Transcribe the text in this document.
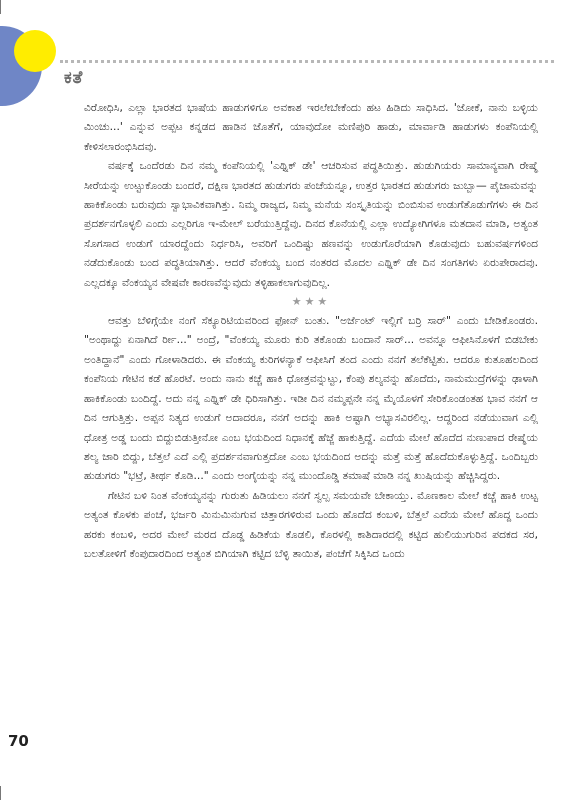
ಕತೆ

ವಿರೋಧಿಸಿ, ಎಲ್ಲಾ ಭಾರತದ ಭಾಷೆಯ ಹಾಡುಗಳಿಗೂ ಅವಕಾಶ ಇರಲೇಬೇಕೆಂದು ಹಟ ಹಿಡಿದು ಸಾಧಿಸಿದ. 'ಜೋಕೆ, ನಾನು ಬಳ್ಳಿಯ ಮಿಂಚು...' ಎನ್ನುವ ಅಪ್ಪಟ ಕನ್ನಡದ ಹಾಡಿನ ಜೊತೆಗೆ, ಯಾವುದೋ ಮಣಿಪುರಿ ಹಾಡು, ಮಾರ್ವಾಡಿ ಹಾಡುಗಳು ಕಂಪೆನಿಯಲ್ಲಿ ಕೇಳಿಸಲಾರಂಭಿಸಿದವು.

ವರ್ಷಕ್ಕೆ ಒಂದೆರಡು ದಿನ ನಮ್ಮ ಕಂಪೆನಿಯಲ್ಲಿ 'ಎಥ್ನಿಕ್ ಡೇ' ಆಚರಿಸುವ ಪದ್ಧತಿಯಿತ್ತು. ಹುಡುಗಿಯರು ಸಾಮಾನ್ಯವಾಗಿ ರೇಷ್ಮೆ ಸೀರೆಯನ್ನು ಉಟ್ಟುಕೊಂಡು ಬಂದರೆ, ದಕ್ಷಿಣ ಭಾರತದ ಹುಡುಗರು ಪಂಚೆಯನ್ನೂ, ಉತ್ತರ ಭಾರತದ ಹುಡುಗರು ಜುಬ್ಬಾ— ಪೈಜಾಮವನ್ನು ಹಾಕಿಕೊಂಡು ಬರುವುದು ಸ್ವಾಭಾವಿಕವಾಗಿತ್ತು. ನಿಮ್ಮ ರಾಜ್ಯದ, ನಿಮ್ಮ ಮನೆಯ ಸಂಸ್ಕೃತಿಯನ್ನು ಬಿಂಬಿಸುವ ಉಡುಗೆತೊಡುಗೆಗಳು ಈ ದಿನ ಪ್ರದರ್ಶನಗೊಳ್ಳಲಿ ಎಂದು ಎಲ್ಲರಿಗೂ ಇ-ಮೇಲ್ ಬರೆಯುತ್ತಿದ್ದೆವು. ದಿನದ ಕೊನೆಯಲ್ಲಿ ಎಲ್ಲಾ ಉದ್ಯೋಗಿಗಳೂ ಮತದಾನ ಮಾಡಿ, ಅತ್ಯಂತ ಸೊಗಸಾದ ಉಡುಗೆ ಯಾರದ್ದೆಂದು ನಿರ್ಧರಿಸಿ, ಅವರಿಗೆ ಒಂದಿಷ್ಟು ಹಣವನ್ನು ಉಡುಗೊರೆಯಾಗಿ ಕೊಡುವುದು ಬಹುವರ್ಷಗಳಿಂದ ನಡೆದುಕೊಂಡು ಬಂದ ಪದ್ಧತಿಯಾಗಿತ್ತು. ಆದರೆ ವೆಂಕಯ್ಯ ಬಂದ ನಂತರದ ಮೊದಲ ಎಥ್ನಿಕ್ ಡೇ ದಿನ ಸಂಗತಿಗಳು ಏರುಪೇರಾದವು. ಎಲ್ಲದಕ್ಕೂ ವೆಂಕಯ್ಯನ ವೇಷವೇ ಕಾರಣವೆನ್ನುವುದು ತಳ್ಳಿಹಾಕಲಾಗುವುದಿಲ್ಲ.

★★★

ಆವತ್ತು ಬೆಳಿಗ್ಗೆಯೇ ನಂಗೆ ಸೆಕ್ಯೂರಿಟಿಯವರಿಂದ ಫೋನ್ ಬಂತು. "ಅರ್ಜೆಂಟ್ ಇಲ್ಲಿಗೆ ಬರ್ರಿ ಸಾರ್" ಎಂದು ಬೇಡಿಕೊಂಡರು. "ಅಂಥಾದ್ದು ಏನಾಗಿದೆ ರ್ರೀ..." ಅಂದ್ರೆ, "ವೆಂಕಯ್ಯ ಮೂರು ಕುರಿ ತಕೊಂಡು ಬಂದಾನೆ ಸಾರ್... ಅವನ್ನೂ ಆಫೀಸಿನೊಳಗೆ ಬಿಡಬೇಕು ಅಂತಿದ್ದಾನೆ" ಎಂದು ಗೋಳಾಡಿದರು. ಈ ವೆಂಕಯ್ಯ ಕುರಿಗಳನ್ಯಾಕೆ ಆಫೀಸಿಗೆ ತಂದ ಎಂದು ನನಗೆ ತಲೆಕೆಟ್ಟಿತು. ಆದರೂ ಕುತೂಹಲದಿಂದ ಕಂಪೆನಿಯ ಗೇಟಿನ ಕಡೆ ಹೊರಟೆ. ಅಂದು ನಾನು ಕಚ್ಚೆ ಹಾಕಿ ಧೋತ್ರವನ್ನುಟ್ಟು, ಕೆಂಪು ಶಲ್ಯವನ್ನು ಹೊದೆದು, ನಾಮಮುದ್ರೆಗಳನ್ನು ಢಾಳಾಗಿ ಹಾಕಿಕೊಂಡು ಬಂದಿದ್ದೆ. ಅದು ನನ್ನ ಎಥ್ನಿಕ್ ಡೇ ಧಿರಿಸಾಗಿತ್ತು. ಇಡೀ ದಿನ ನಮ್ಮಪ್ಪನೇ ನನ್ನ ಮೈಯೊಳಗೆ ಸೇರಿಕೊಂಡಂತಹ ಭಾವ ನನಗೆ ಆ ದಿನ ಆಗುತ್ತಿತ್ತು. ಅಪ್ಪನ ನಿತ್ಯದ ಉಡುಗೆ ಅದಾದರೂ, ನನಗೆ ಅದನ್ನು ಹಾಕಿ ಅಷ್ಟಾಗಿ ಅಭ್ಯಾಸವಿರಲಿಲ್ಲ. ಆದ್ದರಿಂದ ನಡೆಯುವಾಗ ಎಲ್ಲಿ ಧೋತ್ರ ಅಡ್ಡ ಬಂದು ಬಿದ್ದುಬಿಡುತ್ತೀನೋ ಎಂಬ ಭಯದಿಂದ ನಿಧಾನಕ್ಕೆ ಹೆಜ್ಜೆ ಹಾಕುತ್ತಿದ್ದೆ. ಎದೆಯ ಮೇಲೆ ಹೊದೆದ ನುಣುಪಾದ ರೇಷ್ಮೆಯ ಶಲ್ಯ ಜಾರಿ ಬಿದ್ದು, ಬೆತ್ತಲೆ ಎದೆ ಎಲ್ಲಿ ಪ್ರದರ್ಶನವಾಗುತ್ತದೋ ಎಂಬ ಭಯದಿಂದ ಅದನ್ನು ಮತ್ತೆ ಮತ್ತೆ ಹೊದೆದುಕೊಳ್ಳುತ್ತಿದ್ದೆ. ಒಂದಿಬ್ಬರು ಹುಡುಗರು "ಭಟ್ರೆ, ತೀರ್ಥ ಕೊಡಿ..." ಎಂದು ಅಂಗೈಯನ್ನು ನನ್ನ ಮುಂದೊಡ್ಡಿ ತಮಾಷೆ ಮಾಡಿ ನನ್ನ ಖುಷಿಯನ್ನು ಹೆಚ್ಚಿಸಿದ್ದರು.

ಗೇಟಿನ ಬಳಿ ನಿಂತ ವೆಂಕಯ್ಯನನ್ನು ಗುರುತು ಹಿಡಿಯಲು ನನಗೆ ಸ್ವಲ್ಪ ಸಮಯವೇ ಬೇಕಾಯ್ತು. ಮೊಣಕಾಲ ಮೇಲೆ ಕಚ್ಚೆ ಹಾಕಿ ಉಟ್ಟ ಅತ್ಯಂತ ಕೊಳಕು ಪಂಚೆ, ಭರ್ಜರಿ ಮಿನುಮಿನುಗುವ ಚಿತ್ತಾರಗಳಿರುವ ಒಂದು ಹೊದೆದ ಕಂಬಳಿ, ಬೆತ್ತಲೆ ಎದೆಯ ಮೇಲೆ ಹೊದ್ದ ಒಂದು ಹರಕು ಕಂಬಳಿ, ಅದರ ಮೇಲೆ ಮರದ ದೊಡ್ಡ ಹಿಡಿಕೆಯ ಕೊಡಲಿ, ಕೊರಳಲ್ಲಿ ಕಾಶಿದಾರದಲ್ಲಿ ಕಟ್ಟಿದ ಹುಲಿಯುಗುರಿನ ಪದಕದ ಸರ, ಬಲತೋಳಿಗೆ ಕೆಂಪುದಾರದಿಂದ ಅತ್ಯಂತ ಬಿಗಿಯಾಗಿ ಕಟ್ಟಿದ ಬೆಳ್ಳಿ ತಾಯಿತ, ಪಂಚೆಗೆ ಸಿಕ್ಕಿಸಿದ ಒಂದು

70
